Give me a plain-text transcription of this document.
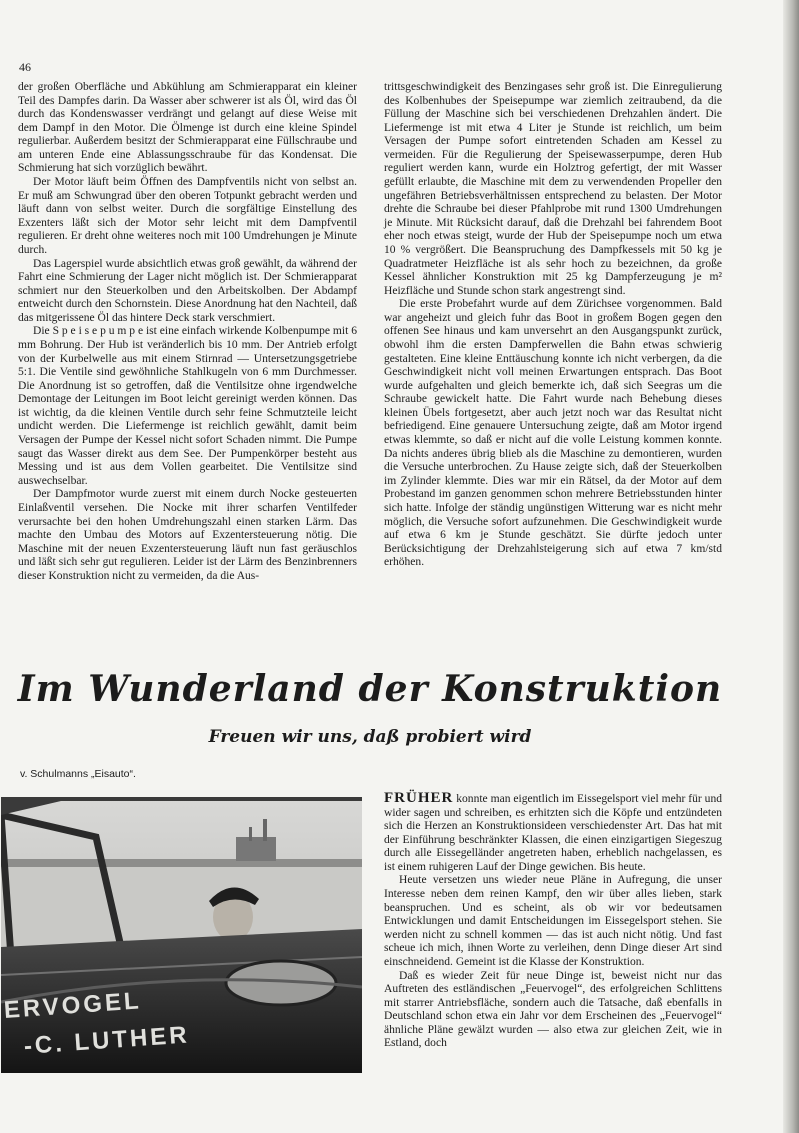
46

der großen Oberfläche und Abkühlung am Schmierapparat ein kleiner Teil des Dampfes darin. Da Wasser aber schwerer ist als Öl, wird das Öl durch das Kondenswasser verdrängt und gelangt auf diese Weise mit dem Dampf in den Motor. Die Ölmenge ist durch eine kleine Spindel regulierbar. Außerdem besitzt der Schmierapparat eine Füllschraube und am unteren Ende eine Ablassungsschraube für das Kondensat. Die Schmierung hat sich vorzüglich bewährt.

Der Motor läuft beim Öffnen des Dampfventils nicht von selbst an. Er muß am Schwungrad über den oberen Totpunkt gebracht werden und läuft dann von selbst weiter. Durch die sorgfältige Einstellung des Exzenters läßt sich der Motor sehr leicht mit dem Dampfventil regulieren. Er dreht ohne weiteres noch mit 100 Umdrehungen je Minute durch.

Das Lagerspiel wurde absichtlich etwas groß gewählt, da während der Fahrt eine Schmierung der Lager nicht möglich ist. Der Schmierapparat schmiert nur den Steuerkolben und den Arbeitskolben. Der Abdampf entweicht durch den Schornstein. Diese Anordnung hat den Nachteil, daß das mitgerissene Öl das hintere Deck stark verschmiert.

Die S p e i s e p u m p e ist eine einfach wirkende Kolbenpumpe mit 6 mm Bohrung. Der Hub ist veränderlich bis 10 mm. Der Antrieb erfolgt von der Kurbelwelle aus mit einem Stirnrad — Untersetzungsgetriebe 5:1. Die Ventile sind gewöhnliche Stahlkugeln von 6 mm Durchmesser. Die Anordnung ist so getroffen, daß die Ventilsitze ohne irgendwelche Demontage der Leitungen im Boot leicht gereinigt werden können. Das ist wichtig, da die kleinen Ventile durch sehr feine Schmutzteile leicht undicht werden. Die Liefermenge ist reichlich gewählt, damit beim Versagen der Pumpe der Kessel nicht sofort Schaden nimmt. Die Pumpe saugt das Wasser direkt aus dem See. Der Pumpenkörper besteht aus Messing und ist aus dem Vollen gearbeitet. Die Ventilsitze sind auswechselbar.

Der Dampfmotor wurde zuerst mit einem durch Nocke gesteuerten Einlaßventil versehen. Die Nocke mit ihrer scharfen Ventilfeder verursachte bei den hohen Umdrehungszahl einen starken Lärm. Das machte den Umbau des Motors auf Exzentersteuerung nötig. Die Maschine mit der neuen Exzentersteuerung läuft nun fast geräuschlos und läßt sich sehr gut regulieren. Leider ist der Lärm des Benzinbrenners dieser Konstruktion nicht zu vermeiden, da die Aus-

trittsgeschwindigkeit des Benzingases sehr groß ist. Die Einregulierung des Kolbenhubes der Speisepumpe war ziemlich zeitraubend, da die Füllung der Maschine sich bei verschiedenen Drehzahlen ändert. Die Liefermenge ist mit etwa 4 Liter je Stunde ist reichlich, um beim Versagen der Pumpe sofort eintretenden Schaden am Kessel zu vermeiden. Für die Regulierung der Speisewasserpumpe, deren Hub reguliert werden kann, wurde ein Holztrog gefertigt, der mit Wasser gefüllt erlaubte, die Maschine mit dem zu verwendenden Propeller den ungefähren Betriebsverhältnissen entsprechend zu belasten. Der Motor drehte die Schraube bei dieser Pfahlprobe mit rund 1300 Umdrehungen je Minute. Mit Rücksicht darauf, daß die Drehzahl bei fahrendem Boot eher noch etwas steigt, wurde der Hub der Speisepumpe noch um etwa 10 % vergrößert. Die Beanspruchung des Dampfkessels mit 50 kg je Quadratmeter Heizfläche ist als sehr hoch zu bezeichnen, da große Kessel ähnlicher Konstruktion mit 25 kg Dampferzeugung je m² Heizfläche und Stunde schon stark angestrengt sind.

Die erste Probefahrt wurde auf dem Zürichsee vorgenommen. Bald war angeheizt und gleich fuhr das Boot in großem Bogen gegen den offenen See hinaus und kam unversehrt an den Ausgangspunkt zurück, obwohl ihm die ersten Dampferwellen die Bahn etwas schwierig gestalteten. Eine kleine Enttäuschung konnte ich nicht verbergen, da die Geschwindigkeit nicht voll meinen Erwartungen entsprach. Das Boot wurde aufgehalten und gleich bemerkte ich, daß sich Seegras um die Schraube gewickelt hatte. Die Fahrt wurde nach Behebung dieses kleinen Übels fortgesetzt, aber auch jetzt noch war das Resultat nicht befriedigend. Eine genauere Untersuchung zeigte, daß am Motor irgend etwas klemmte, so daß er nicht auf die volle Leistung kommen konnte. Da nichts anderes übrig blieb als die Maschine zu demontieren, wurden die Versuche unterbrochen. Zu Hause zeigte sich, daß der Steuerkolben im Zylinder klemmte. Dies war mir ein Rätsel, da der Motor auf dem Probestand im ganzen genommen schon mehrere Betriebsstunden hinter sich hatte. Infolge der ständig ungünstigen Witterung war es nicht mehr möglich, die Versuche sofort aufzunehmen. Die Geschwindigkeit wurde auf etwa 6 km je Stunde geschätzt. Sie dürfte jedoch unter Berücksichtigung der Drehzahlsteigerung sich auf etwa 7 km/std erhöhen.

Im Wunderland der Konstruktion
Freuen wir uns, daß probiert wird
v. Schulmanns „Eisauto“.
ERVOGEL
-C. LUTHER

FRÜHER konnte man eigentlich im Eissegelsport viel mehr für und wider sagen und schreiben, es erhitzten sich die Köpfe und entzündeten sich die Herzen an Konstruktionsideen verschiedenster Art. Das hat mit der Einführung beschränkter Klassen, die einen einzigartigen Siegeszug durch alle Eissegelländer angetreten haben, erheblich nachgelassen, es ist einem ruhigeren Lauf der Dinge gewichen. Bis heute.

Heute versetzen uns wieder neue Pläne in Aufregung, die unser Interesse neben dem reinen Kampf, den wir über alles lieben, stark beanspruchen. Und es scheint, als ob wir vor bedeutsamen Entwicklungen und damit Entscheidungen im Eissegelsport stehen. Sie werden nicht zu schnell kommen — das ist auch nicht nötig. Und fast scheue ich mich, ihnen Worte zu verleihen, denn Dinge dieser Art sind einschneidend. Gemeint ist die Klasse der Konstruktion.

Daß es wieder Zeit für neue Dinge ist, beweist nicht nur das Auftreten des estländischen „Feuervogel“, des erfolgreichen Schlittens mit starrer Antriebsfläche, sondern auch die Tatsache, daß ebenfalls in Deutschland schon etwa ein Jahr vor dem Erscheinen des „Feuervogel“ ähnliche Pläne gewälzt wurden — also etwa zur gleichen Zeit, wie in Estland, doch
